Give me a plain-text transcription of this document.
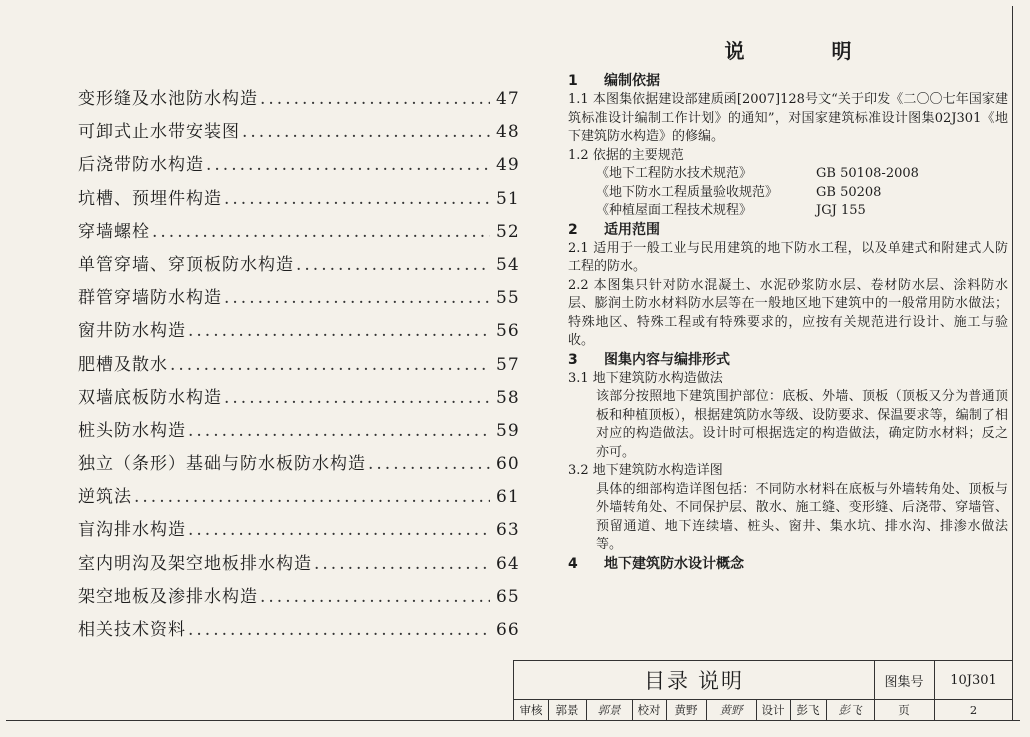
变形缝及水池防水构造 .....	47
可卸式止水带安装图 .....	48
后浇带防水构造 .....	49
坑槽、预埋件构造 .....	51
穿墙螺栓 .....	52
单管穿墙、穿顶板防水构造 .....	54
群管穿墙防水构造 .....	55
窗井防水构造 .....	56
肥槽及散水 .....	57
双墙底板防水构造 .....	58
桩头防水构造 .....	59
独立（条形）基础与防水板防水构造 .....	60
逆筑法 .....	61
盲沟排水构造 .....	63
室内明沟及架空地板排水构造 .....	64
架空地板及渗排水构造 .....	65
相关技术资料 .....	66
说 明
1 编制依据
1.1 本图集依据建设部建质函[2007]128号文“关于印发《二〇〇七年国家建筑标准设计编制工作计划》的通知”，对国家建筑标准设计图集02J301《地下建筑防水构造》的修编。
1.2 依据的主要规范
《地下工程防水技术规范》	GB 50108-2008
《地下防水工程质量验收规范》	GB 50208
《种植屋面工程技术规程》	JGJ 155
2 适用范围
2.1 适用于一般工业与民用建筑的地下防水工程，以及单建式和附建式人防工程的防水。
2.2 本图集只针对防水混凝土、水泥砂浆防水层、卷材防水层、涂料防水层、膨润土防水材料防水层等在一般地区地下建筑中的一般常用防水做法；特殊地区、特殊工程或有特殊要求的，应按有关规范进行设计、施工与验收。
3 图集内容与编排形式
3.1 地下建筑防水构造做法
该部分按照地下建筑围护部位：底板、外墙、顶板（顶板又分为普通顶板和种植顶板），根据建筑防水等级、设防要求、保温要求等，编制了相对应的构造做法。设计时可根据选定的构造做法，确定防水材料；反之亦可。
3.2 地下建筑防水构造详图
具体的细部构造详图包括：不同防水材料在底板与外墙转角处、顶板与外墙转角处、不同保护层、散水、施工缝、变形缝、后浇带、穿墙管、预留通道、地下连续墙、桩头、窗井、集水坑、排水沟、排渗水做法等。
4 地下建筑防水设计概念
目录 说明	图集号	10J301
审核	郭景	郭景	校对	黄野	黄野	设计	彭飞	彭飞	页	2
